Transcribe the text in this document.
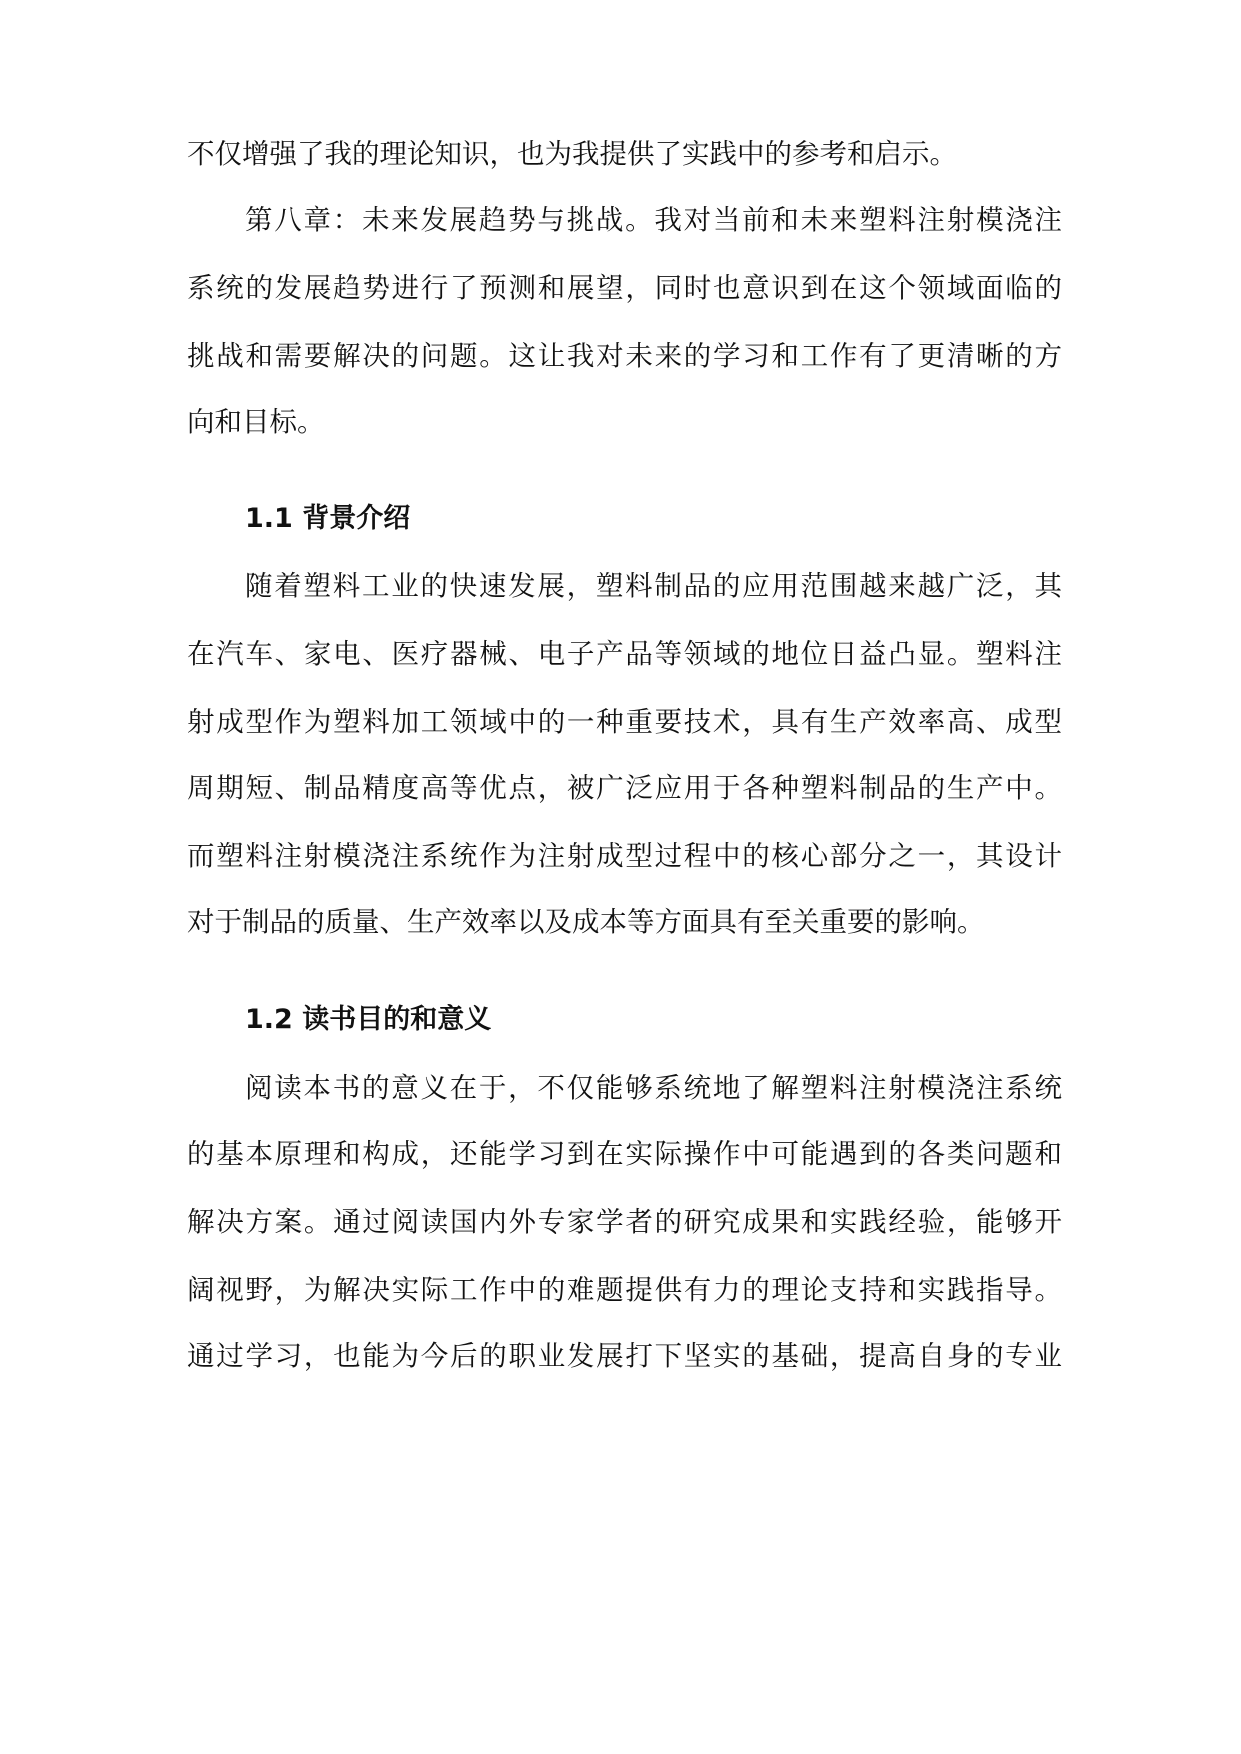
不仅增强了我的理论知识，也为我提供了实践中的参考和启示。
第八章：未来发展趋势与挑战。我对当前和未来塑料注射模浇注
系统的发展趋势进行了预测和展望，同时也意识到在这个领域面临的
挑战和需要解决的问题。这让我对未来的学习和工作有了更清晰的方
向和目标。
1.1 背景介绍
随着塑料工业的快速发展，塑料制品的应用范围越来越广泛，其
在汽车、家电、医疗器械、电子产品等领域的地位日益凸显。塑料注
射成型作为塑料加工领域中的一种重要技术，具有生产效率高、成型
周期短、制品精度高等优点，被广泛应用于各种塑料制品的生产中。
而塑料注射模浇注系统作为注射成型过程中的核心部分之一，其设计
对于制品的质量、生产效率以及成本等方面具有至关重要的影响。
1.2 读书目的和意义
阅读本书的意义在于，不仅能够系统地了解塑料注射模浇注系统
的基本原理和构成，还能学习到在实际操作中可能遇到的各类问题和
解决方案。通过阅读国内外专家学者的研究成果和实践经验，能够开
阔视野，为解决实际工作中的难题提供有力的理论支持和实践指导。
通过学习，也能为今后的职业发展打下坚实的基础，提高自身的专业
